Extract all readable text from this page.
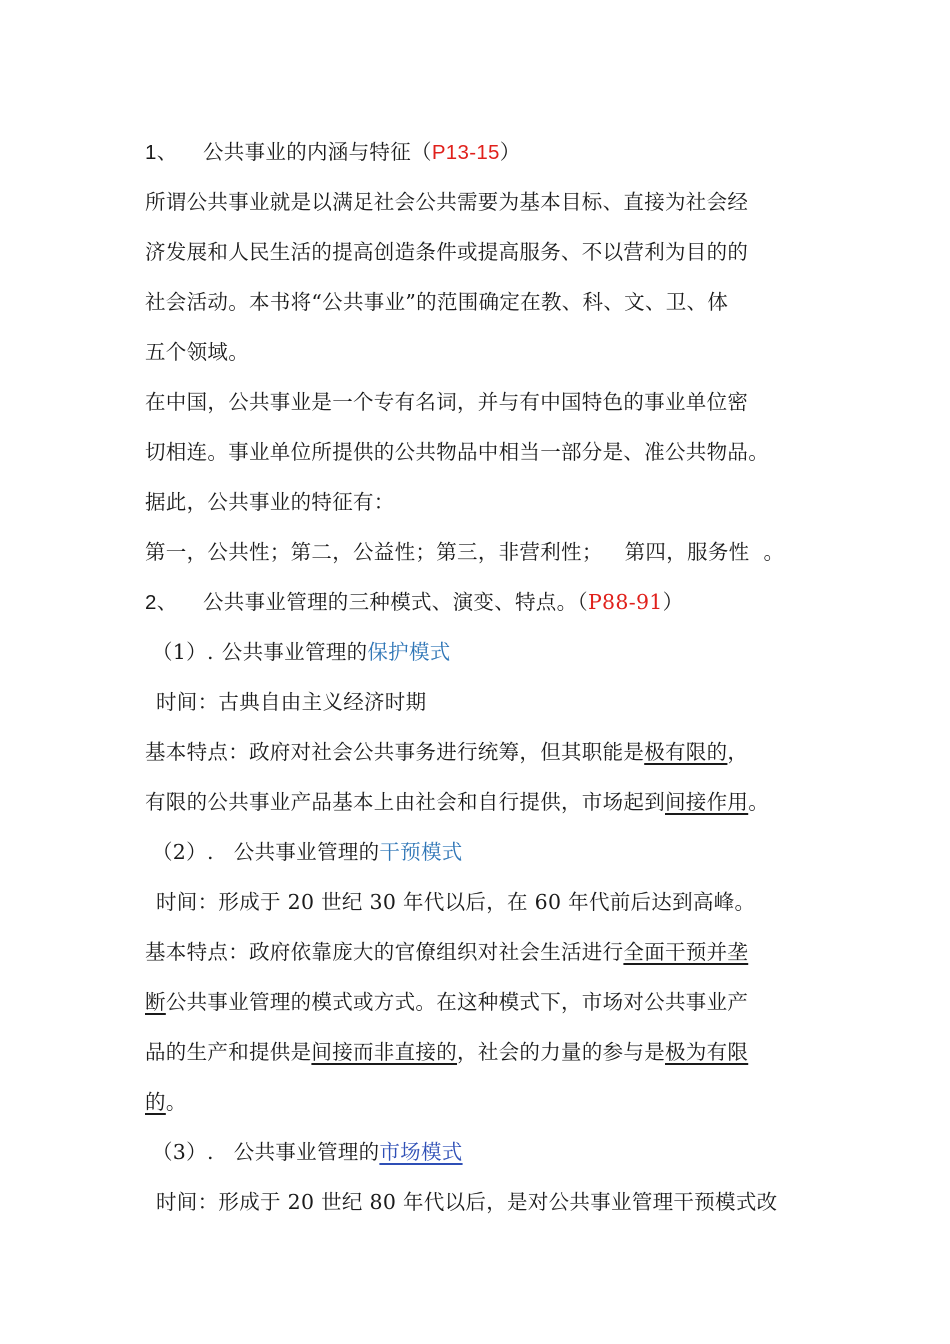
1、 公共事业的内涵与特征（P13-15）
所谓公共事业就是以满足社会公共需要为基本目标、直接为社会经
济发展和人民生活的提高创造条件或提高服务、不以营利为目的的
社会活动。本书将“公共事业”的范围确定在教、科、文、卫、体
五个领域。
在中国，公共事业是一个专有名词，并与有中国特色的事业单位密
切相连。事业单位所提供的公共物品中相当一部分是、准公共物品。
据此，公共事业的特征有：
第一，公共性；第二，公益性；第三，非营利性； 第四，服务性 。
2、 公共事业管理的三种模式、演变、特点。（P88-91）
（1）. 公共事业管理的保护模式
时间：古典自由主义经济时期
基本特点：政府对社会公共事务进行统筹，但其职能是极有限的，
有限的公共事业产品基本上由社会和自行提供，市场起到间接作用。
（2）. 公共事业管理的干预模式
时间：形成于 20 世纪 30 年代以后，在 60 年代前后达到高峰。
基本特点：政府依靠庞大的官僚组织对社会生活进行全面干预并垄
断公共事业管理的模式或方式。在这种模式下，市场对公共事业产
品的生产和提供是间接而非直接的，社会的力量的参与是极为有限
的。
（3）. 公共事业管理的市场模式
时间：形成于 20 世纪 80 年代以后，是对公共事业管理干预模式改
